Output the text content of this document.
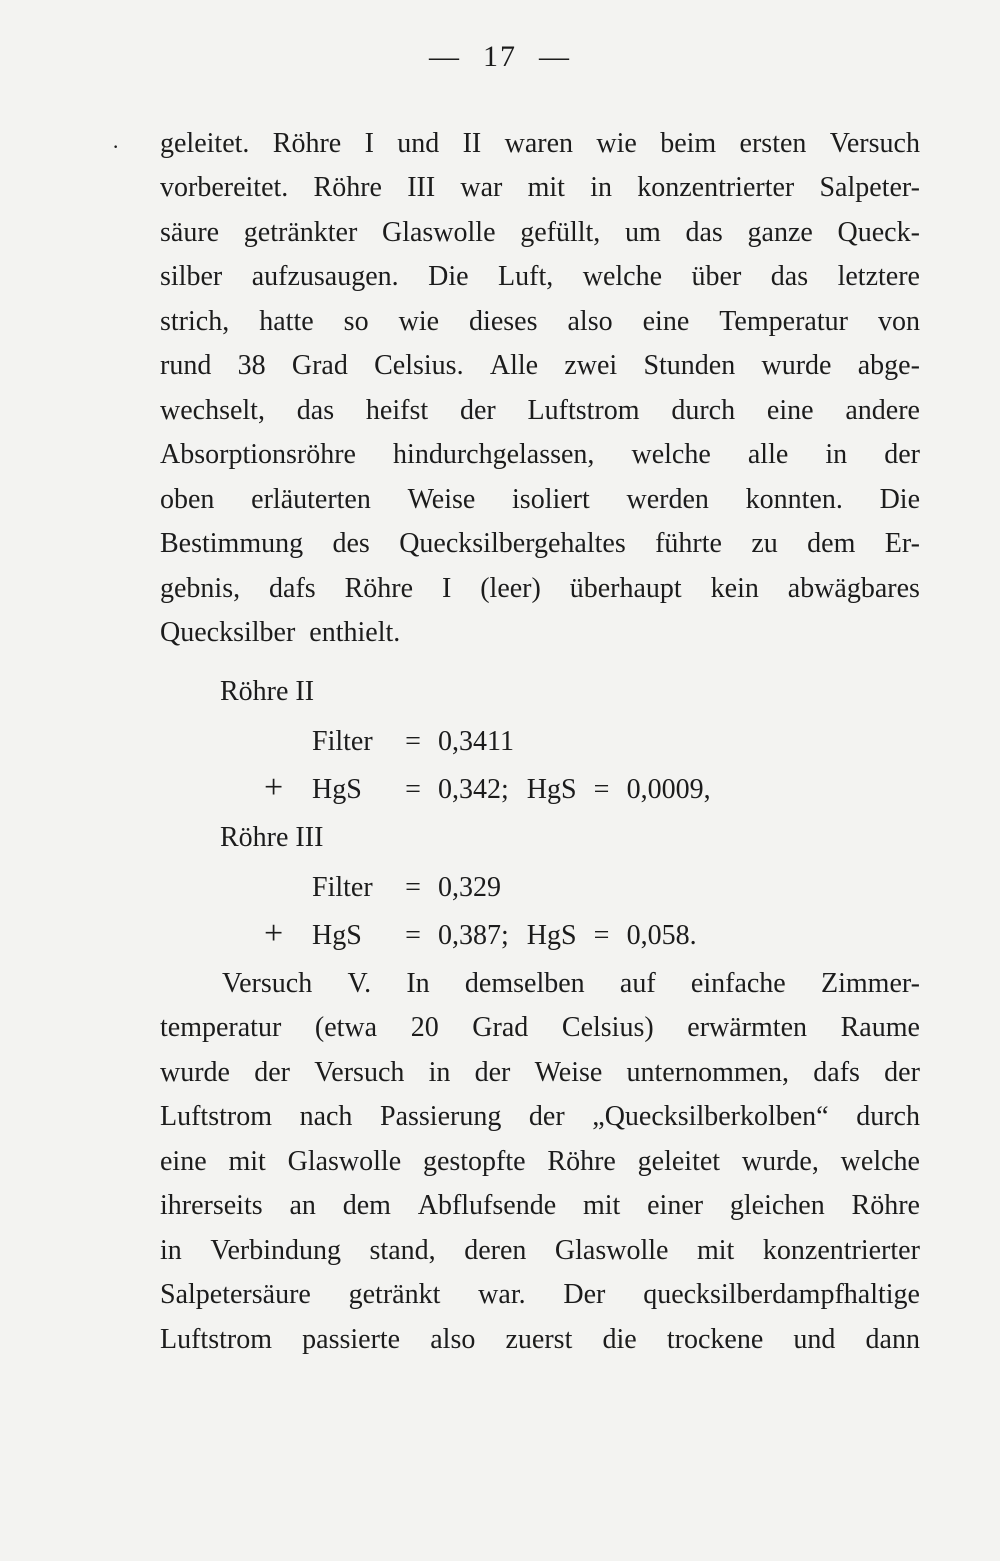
— 17 —
· geleitet. Röhre I und II waren wie beim ersten Versuch
vorbereitet. Röhre III war mit in konzentrierter Salpeter-
säure getränkter Glaswolle gefüllt, um das ganze Queck-
silber aufzusaugen. Die Luft, welche über das letztere
strich, hatte so wie dieses also eine Temperatur von
rund 38 Grad Celsius. Alle zwei Stunden wurde abge-
wechselt, das heifst der Luftstrom durch eine andere
Absorptionsröhre hindurchgelassen, welche alle in der
oben erläuterten Weise isoliert werden konnten. Die
Bestimmung des Quecksilbergehaltes führte zu dem Er-
gebnis, dafs Röhre I (leer) überhaupt kein abwägbares
Quecksilber enthielt.
Röhre II
Filter = 0,3411
+ HgS = 0,342; HgS = 0,0009,
Röhre III
Filter = 0,329
+ HgS = 0,387; HgS = 0,058.
Versuch V. In demselben auf einfache Zimmer-
temperatur (etwa 20 Grad Celsius) erwärmten Raume
wurde der Versuch in der Weise unternommen, dafs der
Luftstrom nach Passierung der „Quecksilberkolben“ durch
eine mit Glaswolle gestopfte Röhre geleitet wurde, welche
ihrerseits an dem Abflufsende mit einer gleichen Röhre
in Verbindung stand, deren Glaswolle mit konzentrierter
Salpetersäure getränkt war. Der quecksilberdampfhaltige
Luftstrom passierte also zuerst die trockene und dann
